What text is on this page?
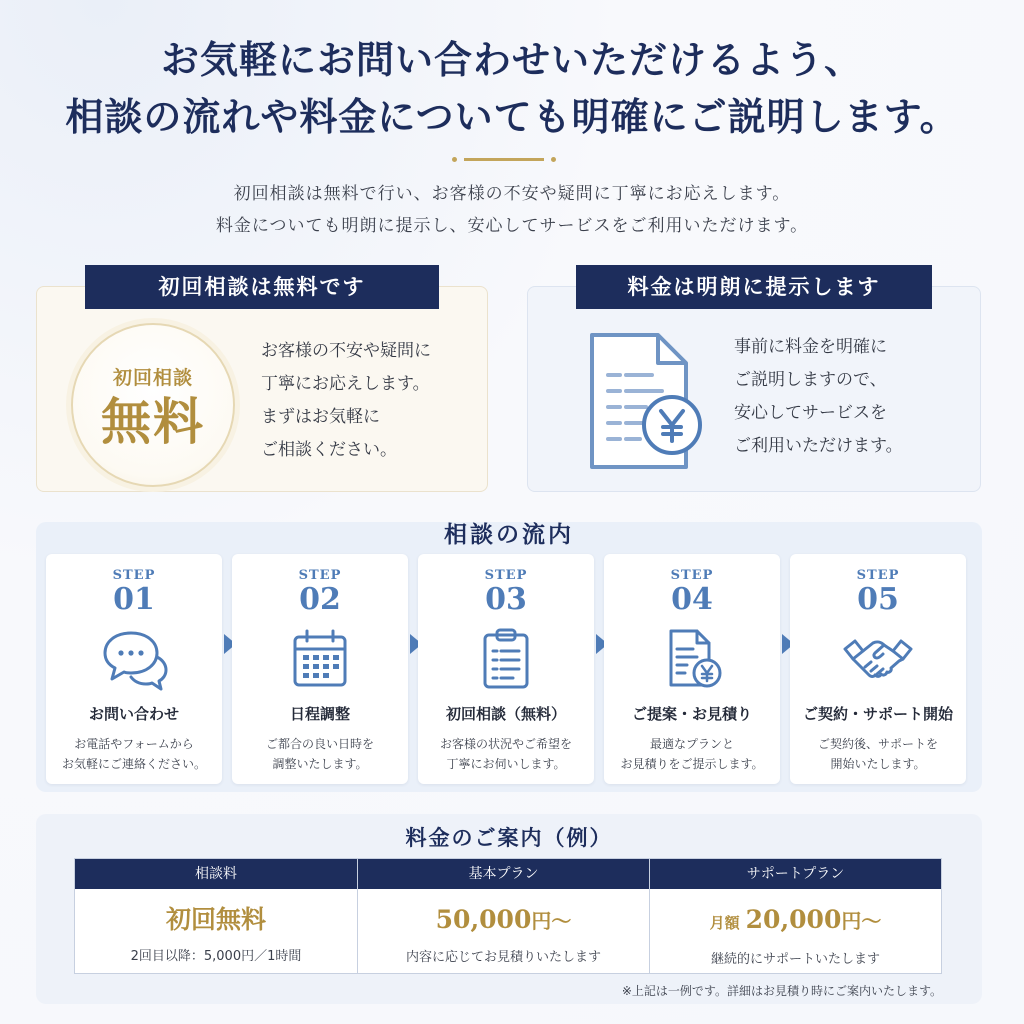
お気軽にお問い合わせいただけるよう、
相談の流れや料金についても明確にご説明します。
初回相談は無料で行い、お客様の不安や疑問に丁寧にお応えします。
料金についても明朗に提示し、安心してサービスをご利用いただけます。
初回相談は無料です
初回相談
無料
お客様の不安や疑問に
丁寧にお応えします。
まずはお気軽に
ご相談ください。
料金は明朗に提示します
事前に料金を明確に
ご説明しますので、
安心してサービスを
ご利用いただけます。
相談の流内
STEP
01
お問い合わせ
お電話やフォームから
お気軽にご連絡ください。
STEP
02
日程調整
ご都合の良い日時を
調整いたします。
STEP
03
初回相談（無料）
お客様の状況やご希望を
丁寧にお伺いします。
STEP
04
ご提案・お見積り
最適なプランと
お見積りをご提示します。
STEP
05
ご契約・サポート開始
ご契約後、サポートを
開始いたします。
料金のご案内（例）
相談料
初回無料
2回目以降：5,000円／1時間
基本プラン
50,000円～
内容に応じてお見積りいたします
サポートプラン
月額 20,000円～
継続的にサポートいたします
※上記は一例です。詳細はお見積り時にご案内いたします。
